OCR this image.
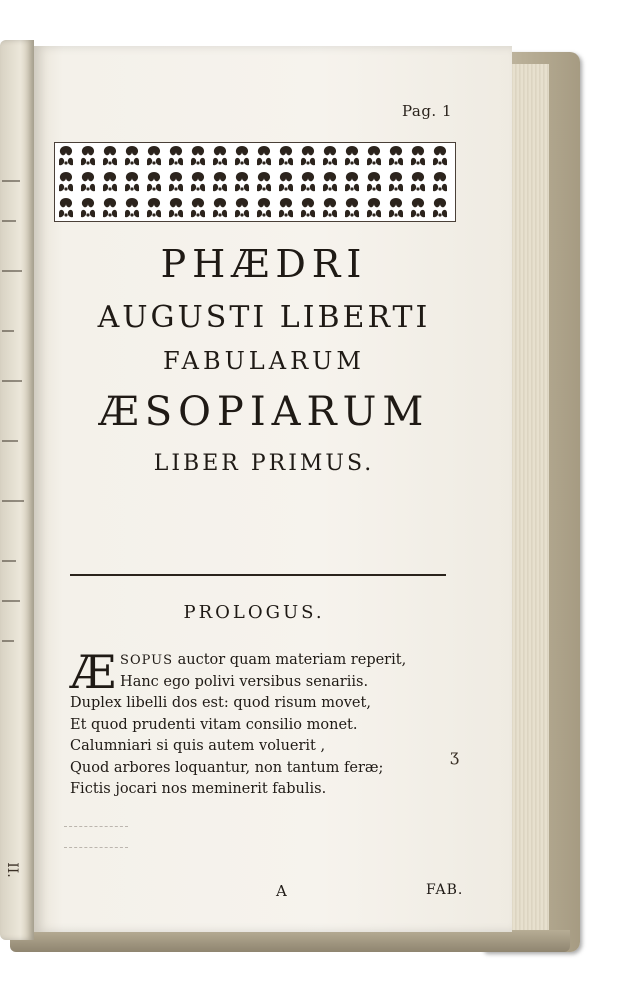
II.
Pag. 1
PHÆDRI
AUGUSTI LIBERTI
FABULARUM
ÆSOPIARUM
LIBER PRIMUS.
PROLOGUS.
Æ SOPUS auctor quam materiam reperit,
Hanc ego polivi versibus senariis.
Duplex libelli dos est: quod risum movet,
Et quod prudenti vitam consilio monet.
Calumniari si quis autem voluerit ,
Quod arbores loquantur, non tantum feræ;
Fictis jocari nos meminerit fabulis.
ʒ
A	FAB.
